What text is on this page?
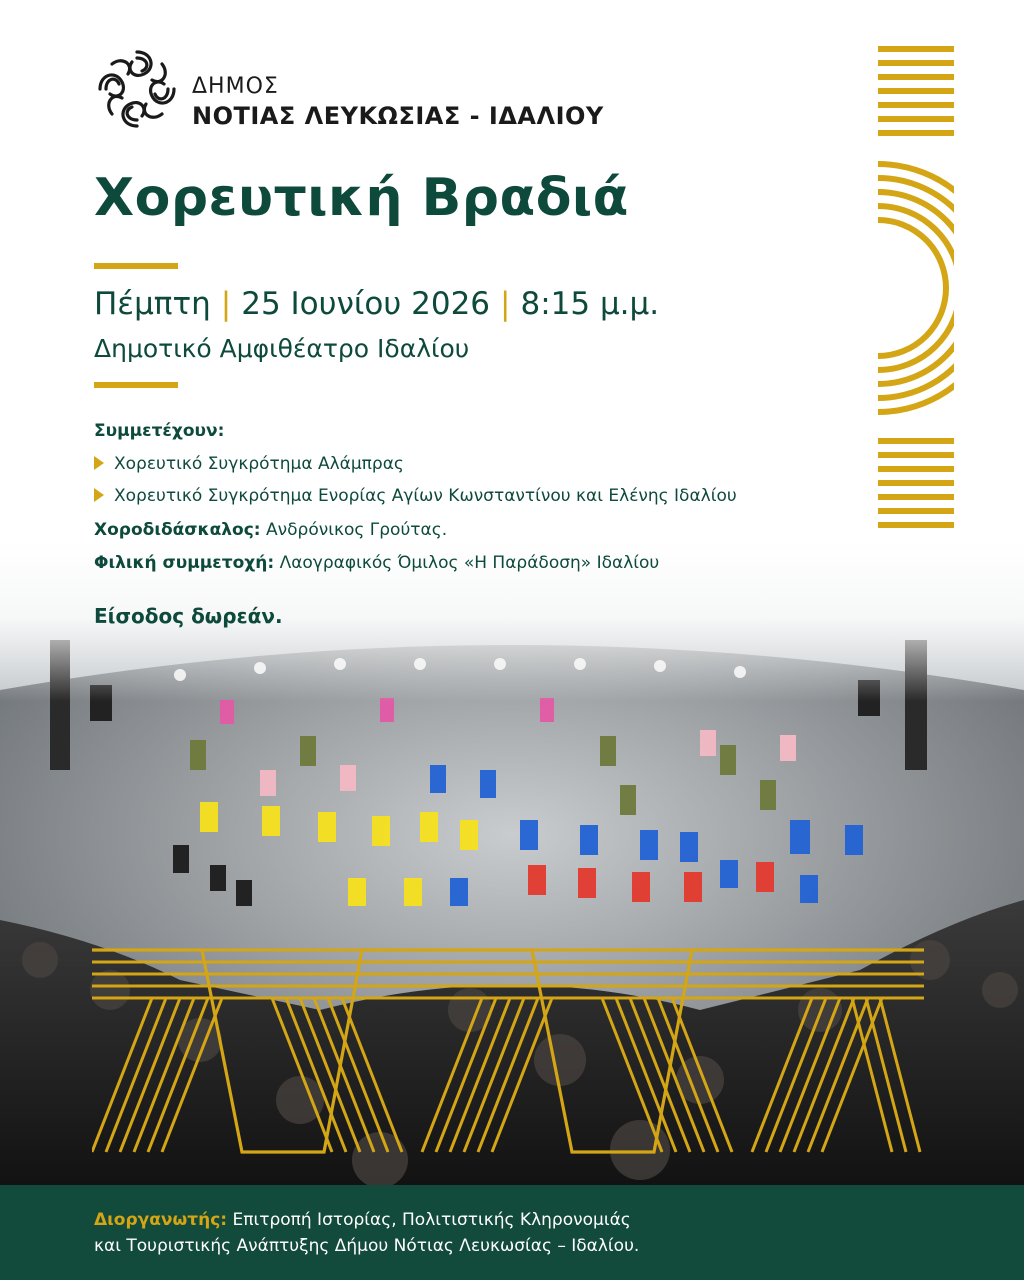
ΔΗΜΟΣ
ΝΟΤΙΑΣ ΛΕΥΚΩΣΙΑΣ - ΙΔΑΛΙΟΥ
Χορευτική Βραδιά
Πέμπτη | 25 Ιουνίου 2026 | 8:15 μ.μ.
Δημοτικό Αμφιθέατρο Ιδαλίου
Συμμετέχουν:
Χορευτικό Συγκρότημα Αλάμπρας
Χορευτικό Συγκρότημα Ενορίας Αγίων Κωνσταντίνου και Ελένης Ιδαλίου
Χοροδιδάσκαλος: Ανδρόνικος Γρούτας.
Φιλική συμμετοχή: Λαογραφικός Όμιλος «Η Παράδοση» Ιδαλίου
Είσοδος δωρεάν.
Διοργανωτής: Επιτροπή Ιστορίας, Πολιτιστικής Κληρονομιάς
και Τουριστικής Ανάπτυξης Δήμου Νότιας Λευκωσίας – Ιδαλίου.
